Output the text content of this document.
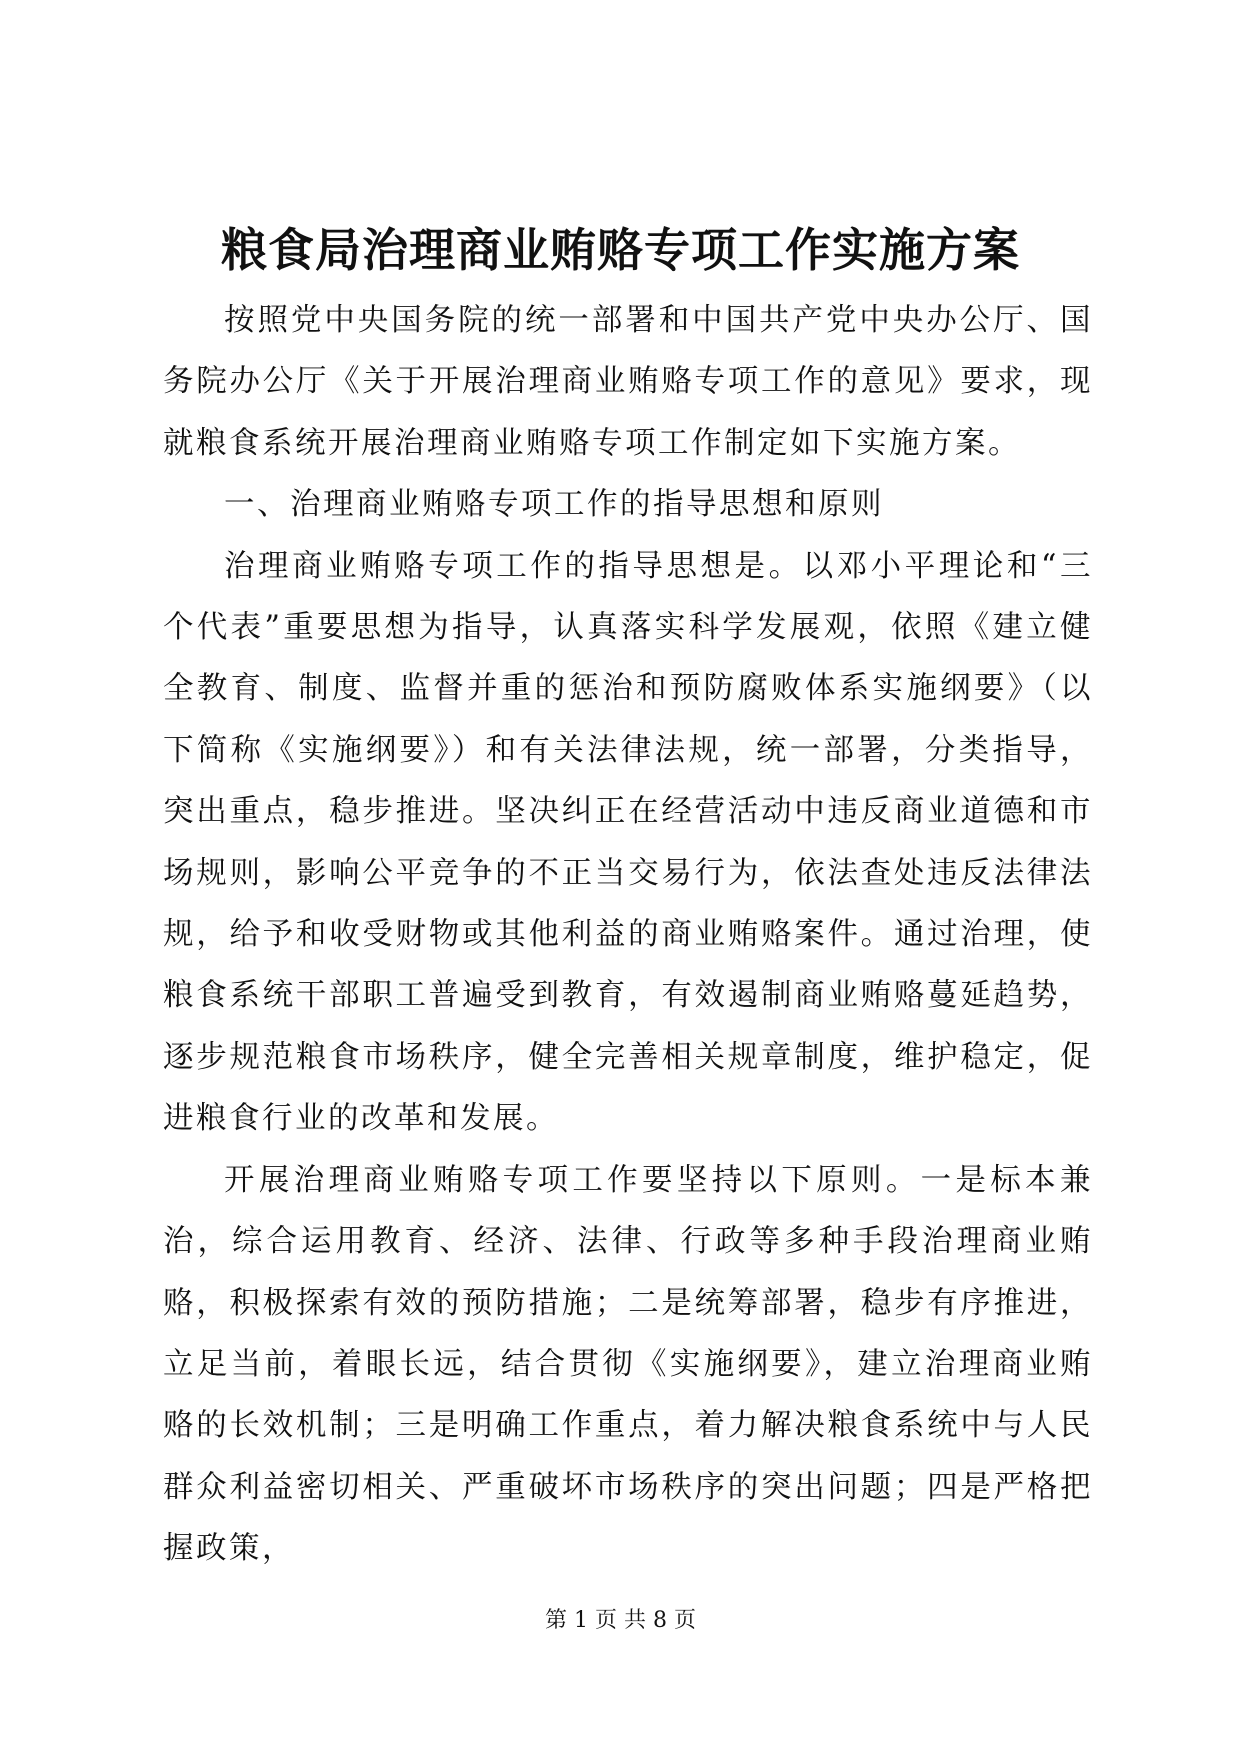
粮食局治理商业贿赂专项工作实施方案

按照党中央国务院的统一部署和中国共产党中央办公厅、国务院办公厅《关于开展治理商业贿赂专项工作的意见》要求，现就粮食系统开展治理商业贿赂专项工作制定如下实施方案。

一、治理商业贿赂专项工作的指导思想和原则

治理商业贿赂专项工作的指导思想是。以邓小平理论和“三个代表”重要思想为指导，认真落实科学发展观，依照《建立健全教育、制度、监督并重的惩治和预防腐败体系实施纲要》（以下简称《实施纲要》）和有关法律法规，统一部署，分类指导，突出重点，稳步推进。坚决纠正在经营活动中违反商业道德和市场规则，影响公平竞争的不正当交易行为，依法查处违反法律法规，给予和收受财物或其他利益的商业贿赂案件。通过治理，使粮食系统干部职工普遍受到教育，有效遏制商业贿赂蔓延趋势，逐步规范粮食市场秩序，健全完善相关规章制度，维护稳定，促进粮食行业的改革和发展。

开展治理商业贿赂专项工作要坚持以下原则。一是标本兼治，综合运用教育、经济、法律、行政等多种手段治理商业贿赂，积极探索有效的预防措施；二是统筹部署，稳步有序推进，立足当前，着眼长远，结合贯彻《实施纲要》，建立治理商业贿赂的长效机制；三是明确工作重点，着力解决粮食系统中与人民群众利益密切相关、严重破坏市场秩序的突出问题；四是严格把握政策，

第 1 页 共 8 页
